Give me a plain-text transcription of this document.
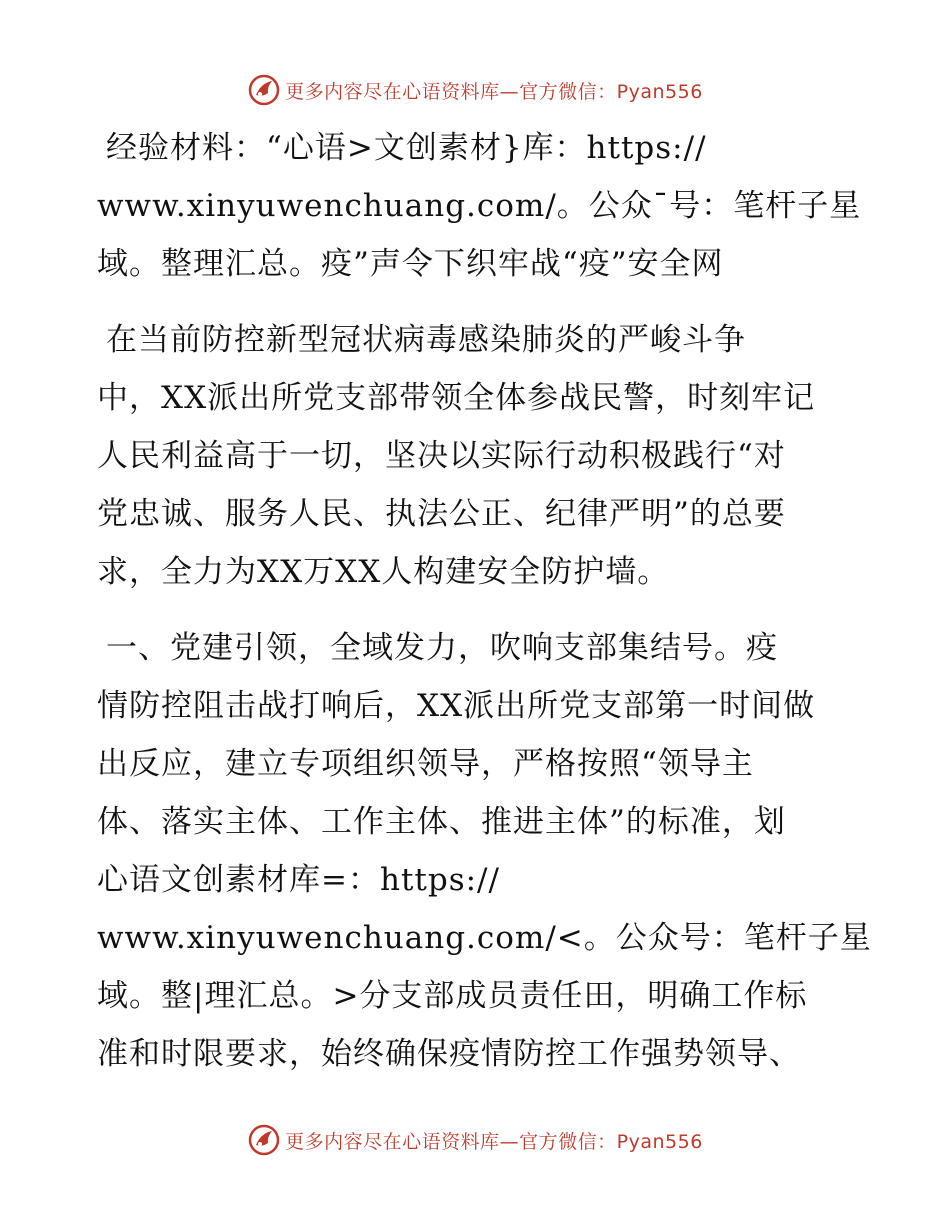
更多内容尽在心语资料库—官方微信：Pyan556
经验材料：“心语>文创素材}库：https://
www.xinyuwenchuang.com/。公众¯号：笔杆子星
域。整理汇总。疫”声令下织牢战“疫”安全网
在当前防控新型冠状病毒感染肺炎的严峻斗争
中，XX派出所党支部带领全体参战民警，时刻牢记
人民利益高于一切，坚决以实际行动积极践行“对
党忠诚、服务人民、执法公正、纪律严明”的总要
求，全力为XX万XX人构建安全防护墙。
一、党建引领，全域发力，吹响支部集结号。疫
情防控阻击战打响后，XX派出所党支部第一时间做
出反应，建立专项组织领导，严格按照“领导主
体、落实主体、工作主体、推进主体”的标准，划
心语文创素材库=：https://
www.xinyuwenchuang.com/<。公众号：笔杆子星
域。整|理汇总。>分支部成员责任田，明确工作标
准和时限要求，始终确保疫情防控工作强势领导、
更多内容尽在心语资料库—官方微信：Pyan556
